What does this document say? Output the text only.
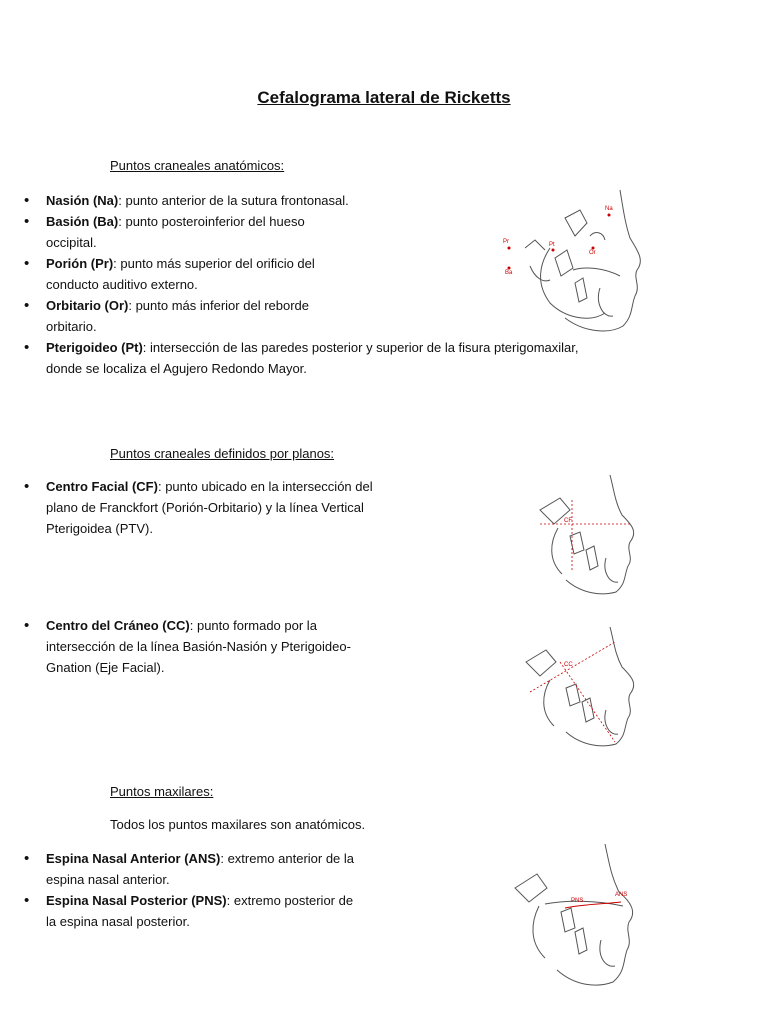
Cefalograma lateral de Ricketts
Puntos craneales anatómicos:
• Nasión (Na): punto anterior de la sutura frontonasal.
• Basión (Ba): punto posteroinferior del hueso occipital.
• Porión (Pr): punto más superior del orificio del conducto auditivo externo.
• Orbitario (Or): punto más inferior del reborde orbitario.
• Pterigoideo (Pt): intersección de las paredes posterior y superior de la fisura pterigomaxilar, donde se localiza el Agujero Redondo Mayor.
Na
Pr	Pt
Or
Ba
Puntos craneales definidos por planos:
• Centro Facial (CF): punto ubicado en la intersección del plano de Franckfort (Porión-Orbitario) y la línea Vertical Pterigoidea (PTV).
• Centro del Cráneo (CC): punto formado por la intersección de la línea Basión-Nasión y Pterigoideo-Gnation (Eje Facial).
CF
CC
Puntos maxilares:
Todos los puntos maxilares son anatómicos.
• Espina Nasal Anterior (ANS): extremo anterior de la espina nasal anterior.
• Espina Nasal Posterior (PNS): extremo posterior de la espina nasal posterior.
PNS
ANS
